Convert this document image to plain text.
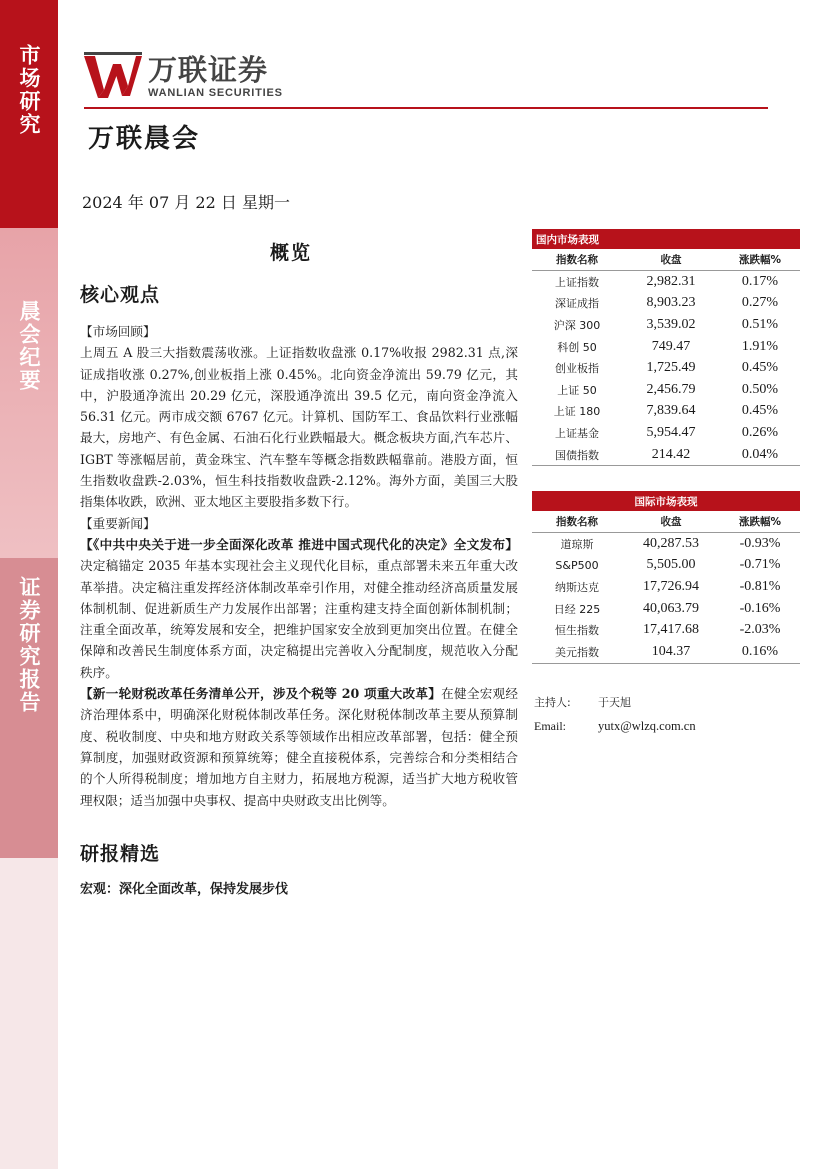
市场研究
晨会纪要
证券研究报告
万联证券
WANLIAN SECURITIES
万联晨会
2024 年 07 月 22 日 星期一
概览
核心观点
【市场回顾】

上周五 A 股三大指数震荡收涨。上证指数收盘涨 0.17%收报 2982.31 点,深证成指收涨 0.27%,创业板指上涨 0.45%。北向资金净流出 59.79 亿元，其中，沪股通净流出 20.29 亿元，深股通净流出 39.5 亿元，南向资金净流入 56.31 亿元。两市成交额 6767 亿元。计算机、国防军工、食品饮料行业涨幅最大，房地产、有色金属、石油石化行业跌幅最大。概念板块方面,汽车芯片、IGBT 等涨幅居前，黄金珠宝、汽车整车等概念指数跌幅靠前。港股方面，恒生指数收盘跌-2.03%，恒生科技指数收盘跌-2.12%。海外方面，美国三大股指集体收跌，欧洲、亚太地区主要股指多数下行。

【重要新闻】

【《中共中央关于进一步全面深化改革 推进中国式现代化的决定》全文发布】决定稿锚定 2035 年基本实现社会主义现代化目标，重点部署未来五年重大改革举措。决定稿注重发挥经济体制改革牵引作用，对健全推动经济高质量发展体制机制、促进新质生产力发展作出部署；注重构建支持全面创新体制机制；注重全面改革，统筹发展和安全，把维护国家安全放到更加突出位置。在健全保障和改善民生制度体系方面，决定稿提出完善收入分配制度，规范收入分配秩序。

【新一轮财税改革任务清单公开，涉及个税等 20 项重大改革】在健全宏观经济治理体系中，明确深化财税体制改革任务。深化财税体制改革主要从预算制度、税收制度、中央和地方财政关系等领域作出相应改革部署，包括：健全预算制度，加强财政资源和预算统筹；健全直接税体系，完善综合和分类相结合的个人所得税制度；增加地方自主财力，拓展地方税源，适当扩大地方税收管理权限；适当加强中央事权、提高中央财政支出比例等。

研报精选
宏观：深化全面改革，保持发展步伐
国内市场表现
指数名称	收盘	涨跌幅%
上证指数	2,982.31	0.17%
深证成指	8,903.23	0.27%
沪深 300	3,539.02	0.51%
科创 50	749.47	1.91%
创业板指	1,725.49	0.45%
上证 50	2,456.79	0.50%
上证 180	7,839.64	0.45%
上证基金	5,954.47	0.26%
国债指数	214.42	0.04%
国际市场表现
指数名称	收盘	涨跌幅%
道琼斯	40,287.53	-0.93%
S&P500	5,505.00	-0.71%
纳斯达克	17,726.94	-0.81%
日经 225	40,063.79	-0.16%
恒生指数	17,417.68	-2.03%
美元指数	104.37	0.16%
主持人:	于天旭
Email:	yutx@wlzq.com.cn
